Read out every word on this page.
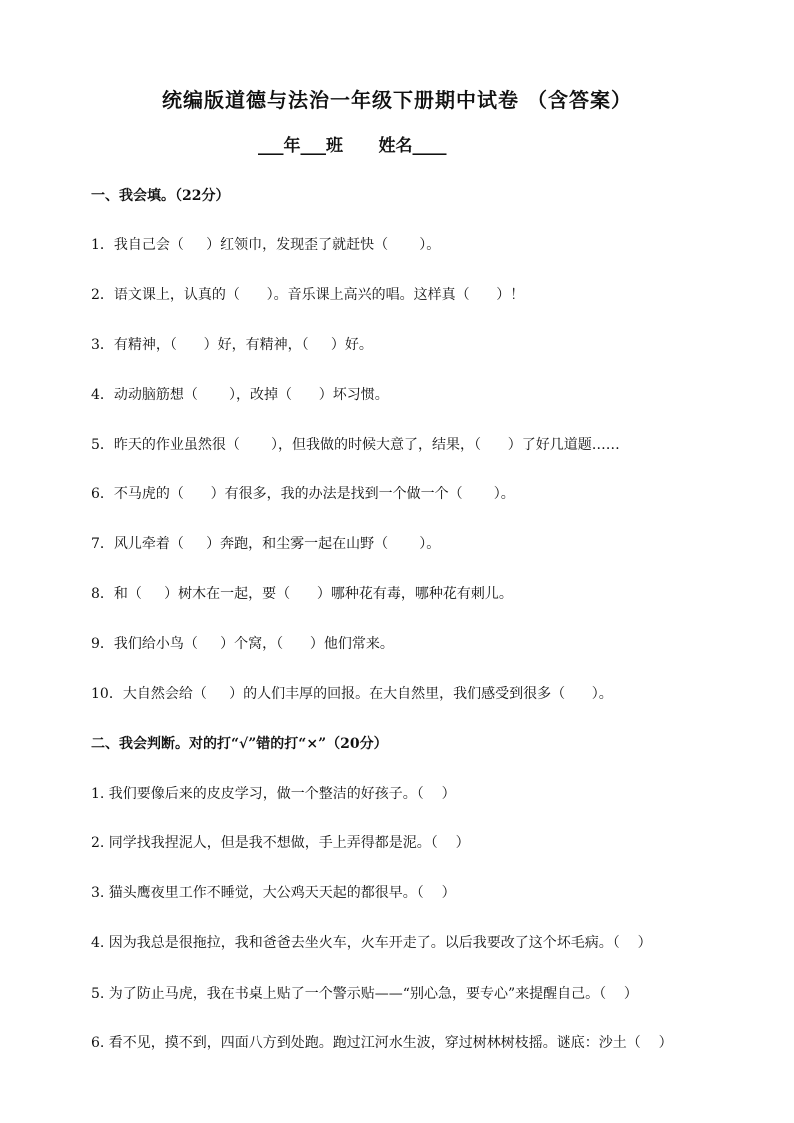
统编版道德与法治一年级下册期中试卷 （含答案）
___年___班      姓名____
一、我会填。（22分）
1．我自己会（     ）红领巾，发现歪了就赶快（       ）。
2．语文课上，认真的（      ）。音乐课上高兴的唱。这样真（      ）！
3．有精神，（      ）好，有精神，（     ）好。
4．动动脑筋想（       ），改掉（      ）坏习惯。
5．昨天的作业虽然很（       ），但我做的时候大意了，结果，（      ）了好几道题……
6．不马虎的（      ）有很多，我的办法是找到一个做一个（       ）。
7．风儿牵着（     ）奔跑，和尘雾一起在山野（       ）。
8．和（     ）树木在一起，要（      ）哪种花有毒，哪种花有刺儿。
9．我们给小鸟（     ）个窝，（      ）他们常来。
10．大自然会给（     ）的人们丰厚的回报。在大自然里，我们感受到很多（      ）。
二、我会判断。对的打“√”错的打“×”（20分）
1. 我们要像后来的皮皮学习，做一个整洁的好孩子。（    ）
2. 同学找我捏泥人，但是我不想做，手上弄得都是泥。（    ）
3. 猫头鹰夜里工作不睡觉，大公鸡天天起的都很早。（    ）
4. 因为我总是很拖拉，我和爸爸去坐火车，火车开走了。以后我要改了这个坏毛病。（    ）
5. 为了防止马虎，我在书桌上贴了一个警示贴——“别心急，要专心”来提醒自己。（    ）
6. 看不见，摸不到，四面八方到处跑。跑过江河水生波，穿过树林树枝摇。谜底：沙土（    ）
